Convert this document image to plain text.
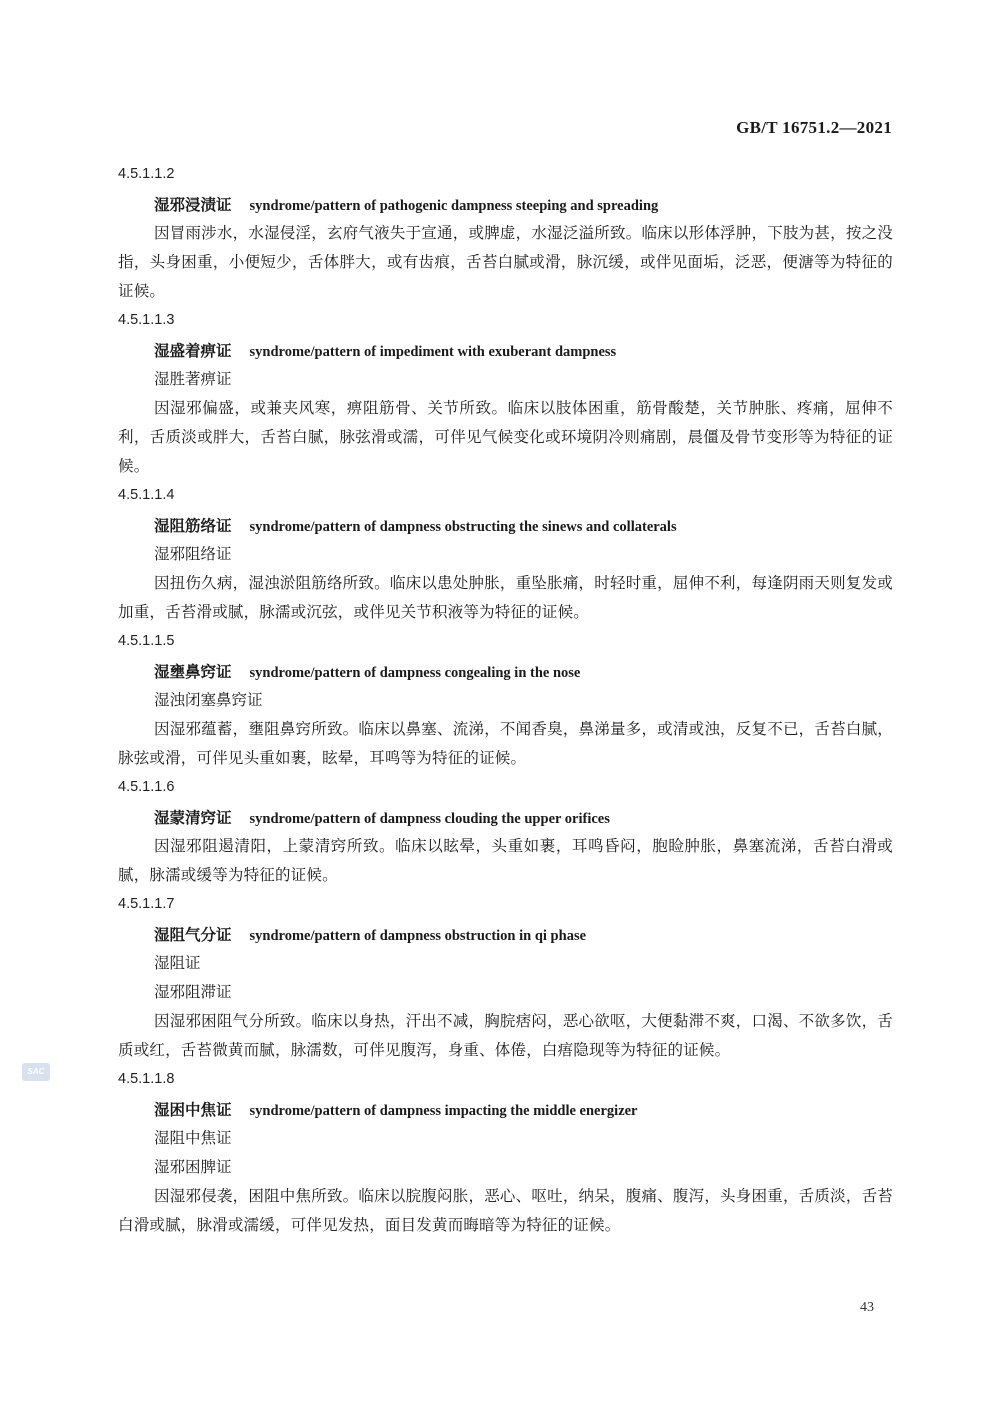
GB/T 16751.2—2021
4.5.1.1.2
湿邪浸渍证 syndrome/pattern of pathogenic dampness steeping and spreading
因冒雨涉水，水湿侵淫，玄府气液失于宣通，或脾虚，水湿泛溢所致。临床以形体浮肿，下肢为甚，按之没指，头身困重，小便短少，舌体胖大，或有齿痕，舌苔白腻或滑，脉沉缓，或伴见面垢，泛恶，便溏等为特征的证候。
4.5.1.1.3
湿盛着痹证 syndrome/pattern of impediment with exuberant dampness
湿胜著痹证
因湿邪偏盛，或兼夹风寒，痹阻筋骨、关节所致。临床以肢体困重，筋骨酸楚，关节肿胀、疼痛，屈伸不利，舌质淡或胖大，舌苔白腻，脉弦滑或濡，可伴见气候变化或环境阴冷则痛剧，晨僵及骨节变形等为特征的证候。
4.5.1.1.4
湿阻筋络证 syndrome/pattern of dampness obstructing the sinews and collaterals
湿邪阻络证
因扭伤久病，湿浊淤阻筋络所致。临床以患处肿胀，重坠胀痛，时轻时重，屈伸不利，每逢阴雨天则复发或加重，舌苔滑或腻，脉濡或沉弦，或伴见关节积液等为特征的证候。
4.5.1.1.5
湿壅鼻窍证 syndrome/pattern of dampness congealing in the nose
湿浊闭塞鼻窍证
因湿邪蕴蓄，壅阻鼻窍所致。临床以鼻塞、流涕，不闻香臭，鼻涕量多，或清或浊，反复不已，舌苔白腻，脉弦或滑，可伴见头重如裹，眩晕，耳鸣等为特征的证候。
4.5.1.1.6
湿蒙清窍证 syndrome/pattern of dampness clouding the upper orifices
因湿邪阻遏清阳，上蒙清窍所致。临床以眩晕，头重如裹，耳鸣昏闷，胞睑肿胀，鼻塞流涕，舌苔白滑或腻，脉濡或缓等为特征的证候。
4.5.1.1.7
湿阻气分证 syndrome/pattern of dampness obstruction in qi phase
湿阻证
湿邪阻滞证
因湿邪困阻气分所致。临床以身热，汗出不减，胸脘痞闷，恶心欲呕，大便黏滞不爽，口渴、不欲多饮，舌质或红，舌苔微黄而腻，脉濡数，可伴见腹泻，身重、体倦，白痦隐现等为特征的证候。
4.5.1.1.8
湿困中焦证 syndrome/pattern of dampness impacting the middle energizer
湿阻中焦证
湿邪困脾证
因湿邪侵袭，困阻中焦所致。临床以脘腹闷胀，恶心、呕吐，纳呆，腹痛、腹泻，头身困重，舌质淡，舌苔白滑或腻，脉滑或濡缓，可伴见发热，面目发黄而晦暗等为特征的证候。
43
SAC
